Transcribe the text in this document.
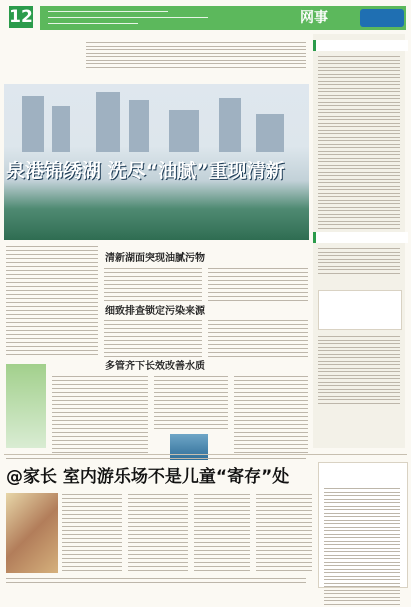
12	网事
泉港锦绣湖 洗尽“油腻”重现清新
清新湖面突现油腻污物
细致排查锁定污染来源
多管齐下长效改善水质
@家长 室内游乐场不是儿童“寄存”处
